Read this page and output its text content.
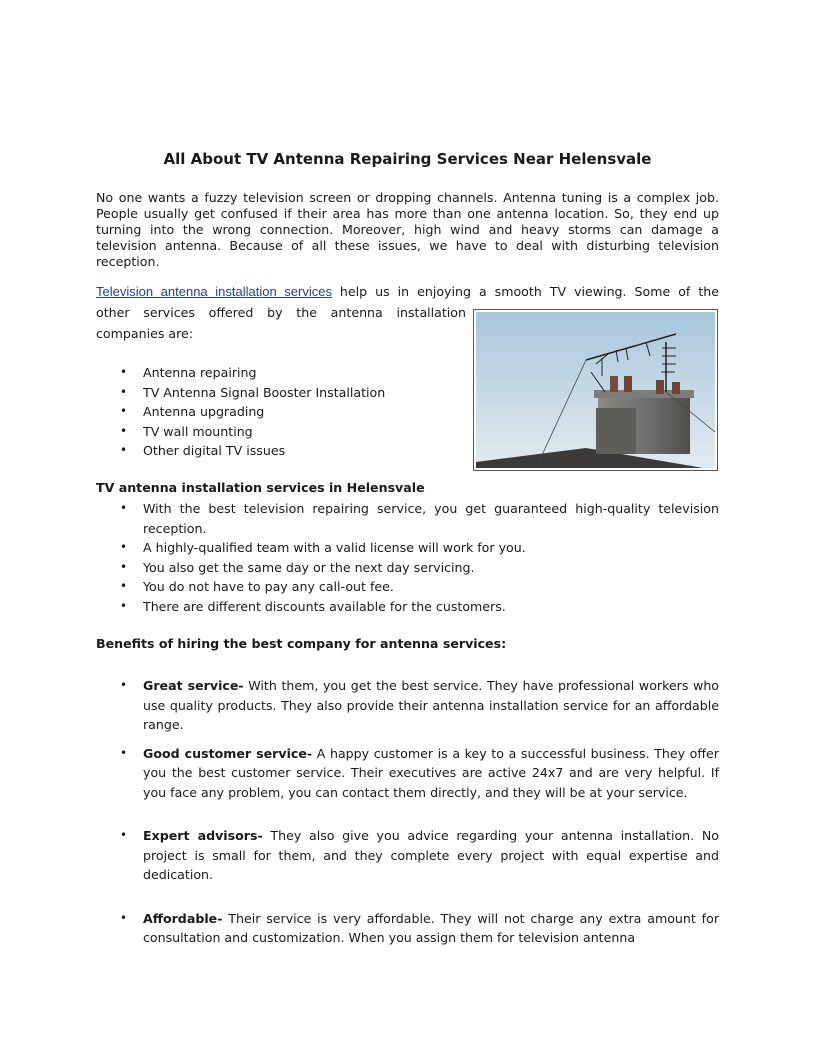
All About TV Antenna Repairing Services Near Helensvale

No one wants a fuzzy television screen or dropping channels. Antenna tuning is a complex job. People usually get confused if their area has more than one antenna location. So, they end up turning into the wrong connection. Moreover, high wind and heavy storms can damage a television antenna. Because of all these issues, we have to deal with disturbing television reception.

Television antenna installation services help us in enjoying a smooth TV viewing. Some of the

other services offered by the antenna installation

companies are:

• Antenna repairing
• TV Antenna Signal Booster Installation
• Antenna upgrading
• TV wall mounting
• Other digital TV issues
TV antenna installation services in Helensvale
• With the best television repairing service, you get guaranteed high-quality television reception.
• A highly-qualified team with a valid license will work for you.
• You also get the same day or the next day servicing.
• You do not have to pay any call-out fee.
• There are different discounts available for the customers.
Benefits of hiring the best company for antenna services:
• Great service- With them, you get the best service. They have professional workers who use quality products. They also provide their antenna installation service for an affordable range.
• Good customer service- A happy customer is a key to a successful business. They offer you the best customer service. Their executives are active 24x7 and are very helpful. If you face any problem, you can contact them directly, and they will be at your service.
• Expert advisors- They also give you advice regarding your antenna installation. No project is small for them, and they complete every project with equal expertise and dedication.
• Affordable- Their service is very affordable. They will not charge any extra amount for consultation and customization. When you assign them for television antenna
